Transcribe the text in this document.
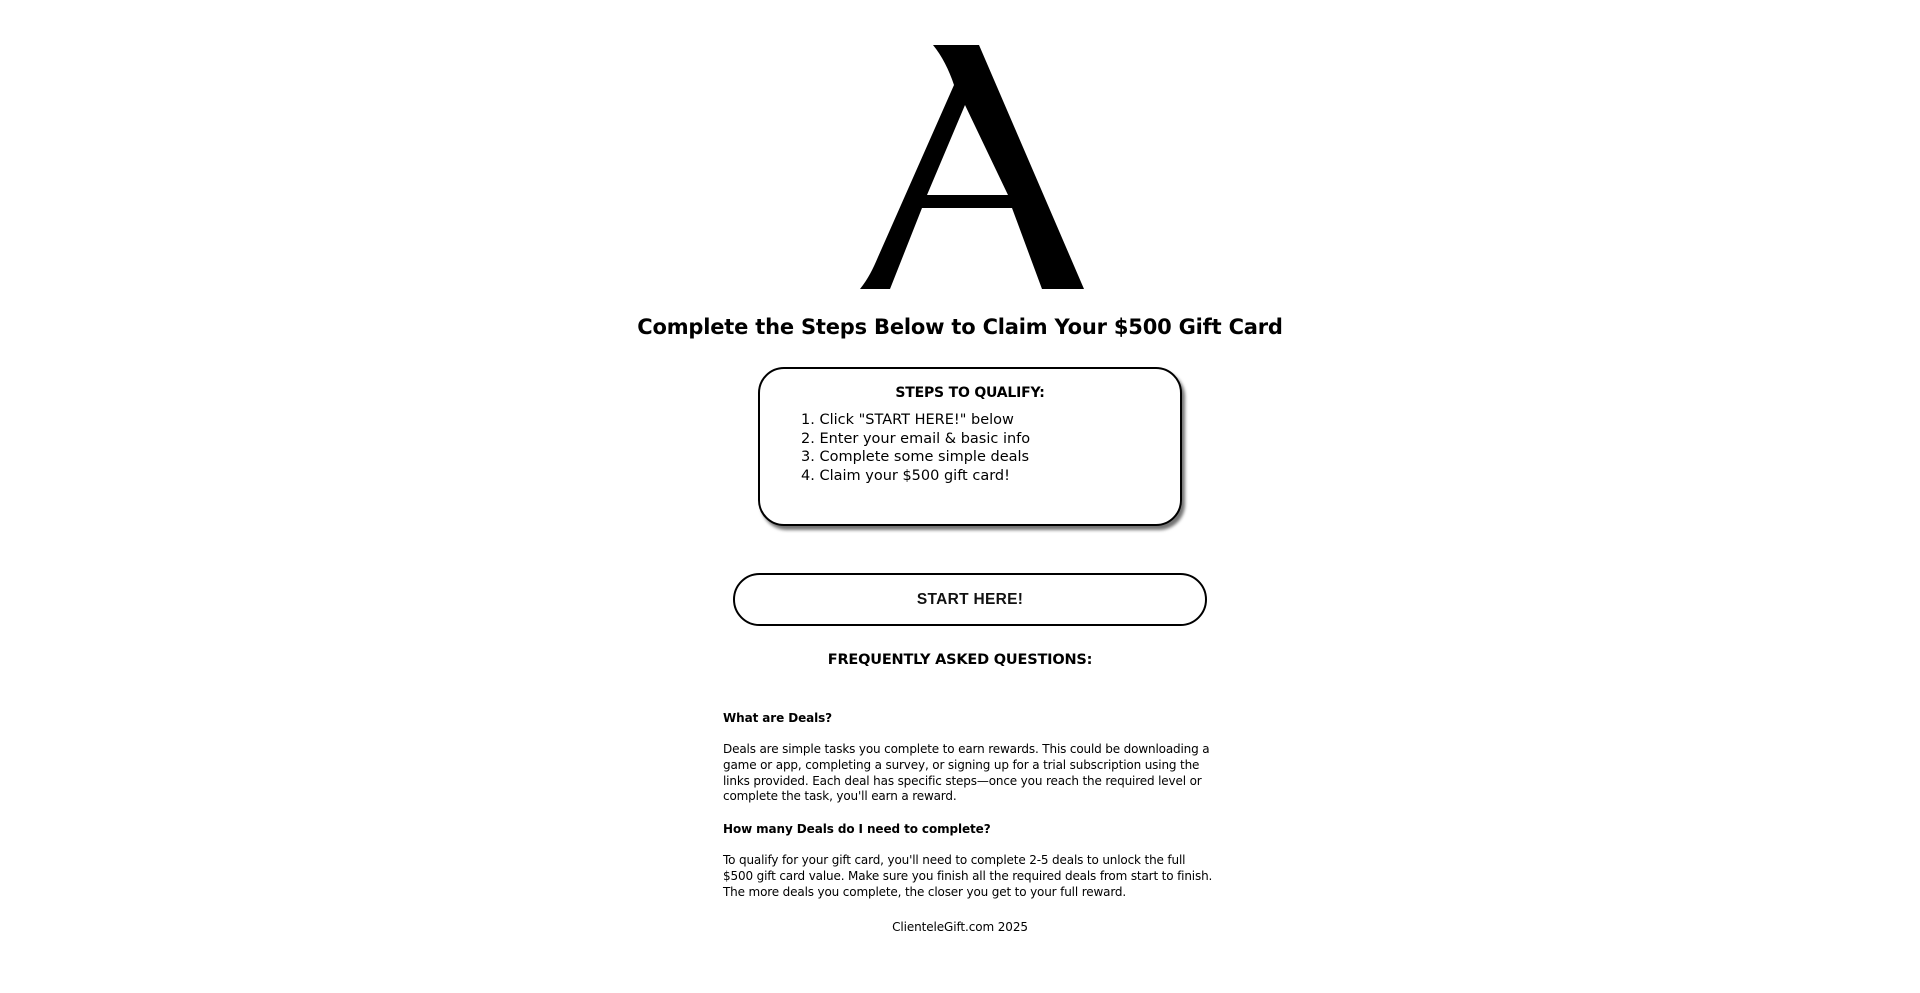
Complete the Steps Below to Claim Your $500 Gift Card
STEPS TO QUALIFY:
1. Click "START HERE!" below
2. Enter your email & basic info
3. Complete some simple deals
4. Claim your $500 gift card!
START HERE!
FREQUENTLY ASKED QUESTIONS:
What are Deals?

Deals are simple tasks you complete to earn rewards. This could be downloading a game or app, completing a survey, or signing up for a trial subscription using the links provided. Each deal has specific steps—once you reach the required level or complete the task, you'll earn a reward.

How many Deals do I need to complete?

To qualify for your gift card, you'll need to complete 2-5 deals to unlock the full $500 gift card value. Make sure you finish all the required deals from start to finish. The more deals you complete, the closer you get to your full reward.

ClienteleGift.com 2025
